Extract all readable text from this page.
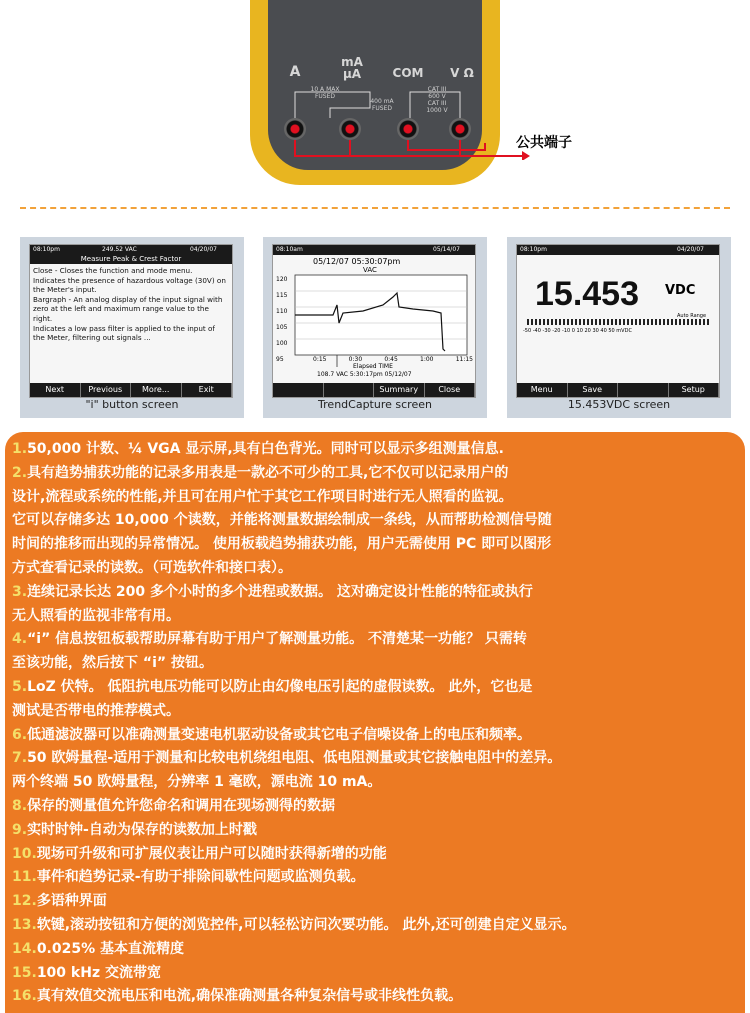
A
mA
µA	COM	V Ω
10 A MAX
FUSED
400 mA
FUSED
CAT III
600 V
CAT III
1000 V
公共端子
08:10pm	249.52 VAC	04/20/07
Measure Peak & Crest Factor
Close - Closes the function and mode menu.
Indicates the presence of hazardous voltage (30V) on the Meter's input.
Bargraph - An analog display of the input signal with zero at the left and maximum range value to the right.
Indicates a low pass filter is applied to the input of the Meter, filtering out signals ...
Next	Previous	More...	Exit
"i" button screen
08:10am	05/14/07
05/12/07 05:30:07pm
VAC
120
115
110
105
100
95	0:15	0:30	0:45	1:00	11:15
Elapsed TIME
108.7 VAC 5:30:17pm 05/12/07
Summary	Close
TrendCapture screen
08:10pm	04/20/07
15.453 VDC
Auto Range
-50 -40 -30 -20 -10 0 10 20 30 40 50 mVDC
Menu	Save	Setup
15.453VDC screen
1.50,000 计数、¼ VGA 显示屏,具有白色背光。同时可以显示多组测量信息.
2.具有趋势捕获功能的记录多用表是一款必不可少的工具,它不仅可以记录用户的
设计,流程或系统的性能,并且可在用户忙于其它工作项目时进行无人照看的监视。
它可以存储多达 10,000 个读数，并能将测量数据绘制成一条线，从而帮助检测信号随
时间的推移而出现的异常情况。 使用板载趋势捕获功能，用户无需使用 PC 即可以图形
方式查看记录的读数。（可选软件和接口表）。
3.连续记录长达 200 多个小时的多个进程或数据。 这对确定设计性能的特征或执行
无人照看的监视非常有用。
4.“i” 信息按钮板载帮助屏幕有助于用户了解测量功能。 不清楚某一功能？ 只需转
至该功能，然后按下 “i” 按钮。
5.LoZ 伏特。 低阻抗电压功能可以防止由幻像电压引起的虚假读数。 此外，它也是
测试是否带电的推荐模式。
6.低通滤波器可以准确测量变速电机驱动设备或其它电子信噪设备上的电压和频率。
7.50 欧姆量程-适用于测量和比较电机绕组电阻、低电阻测量或其它接触电阻中的差异。
两个终端 50 欧姆量程，分辨率 1 毫欧，源电流 10 mA。
8.保存的测量值允许您命名和调用在现场测得的数据
9.实时时钟-自动为保存的读数加上时戳
10.现场可升级和可扩展仪表让用户可以随时获得新增的功能
11.事件和趋势记录-有助于排除间歇性问题或监测负载。
12.多语种界面
13.软键,滚动按钮和方便的浏览控件,可以轻松访问次要功能。 此外,还可创建自定义显示。
14.0.025% 基本直流精度
15.100 kHz 交流带宽
16.真有效值交流电压和电流,确保准确测量各种复杂信号或非线性负载。
